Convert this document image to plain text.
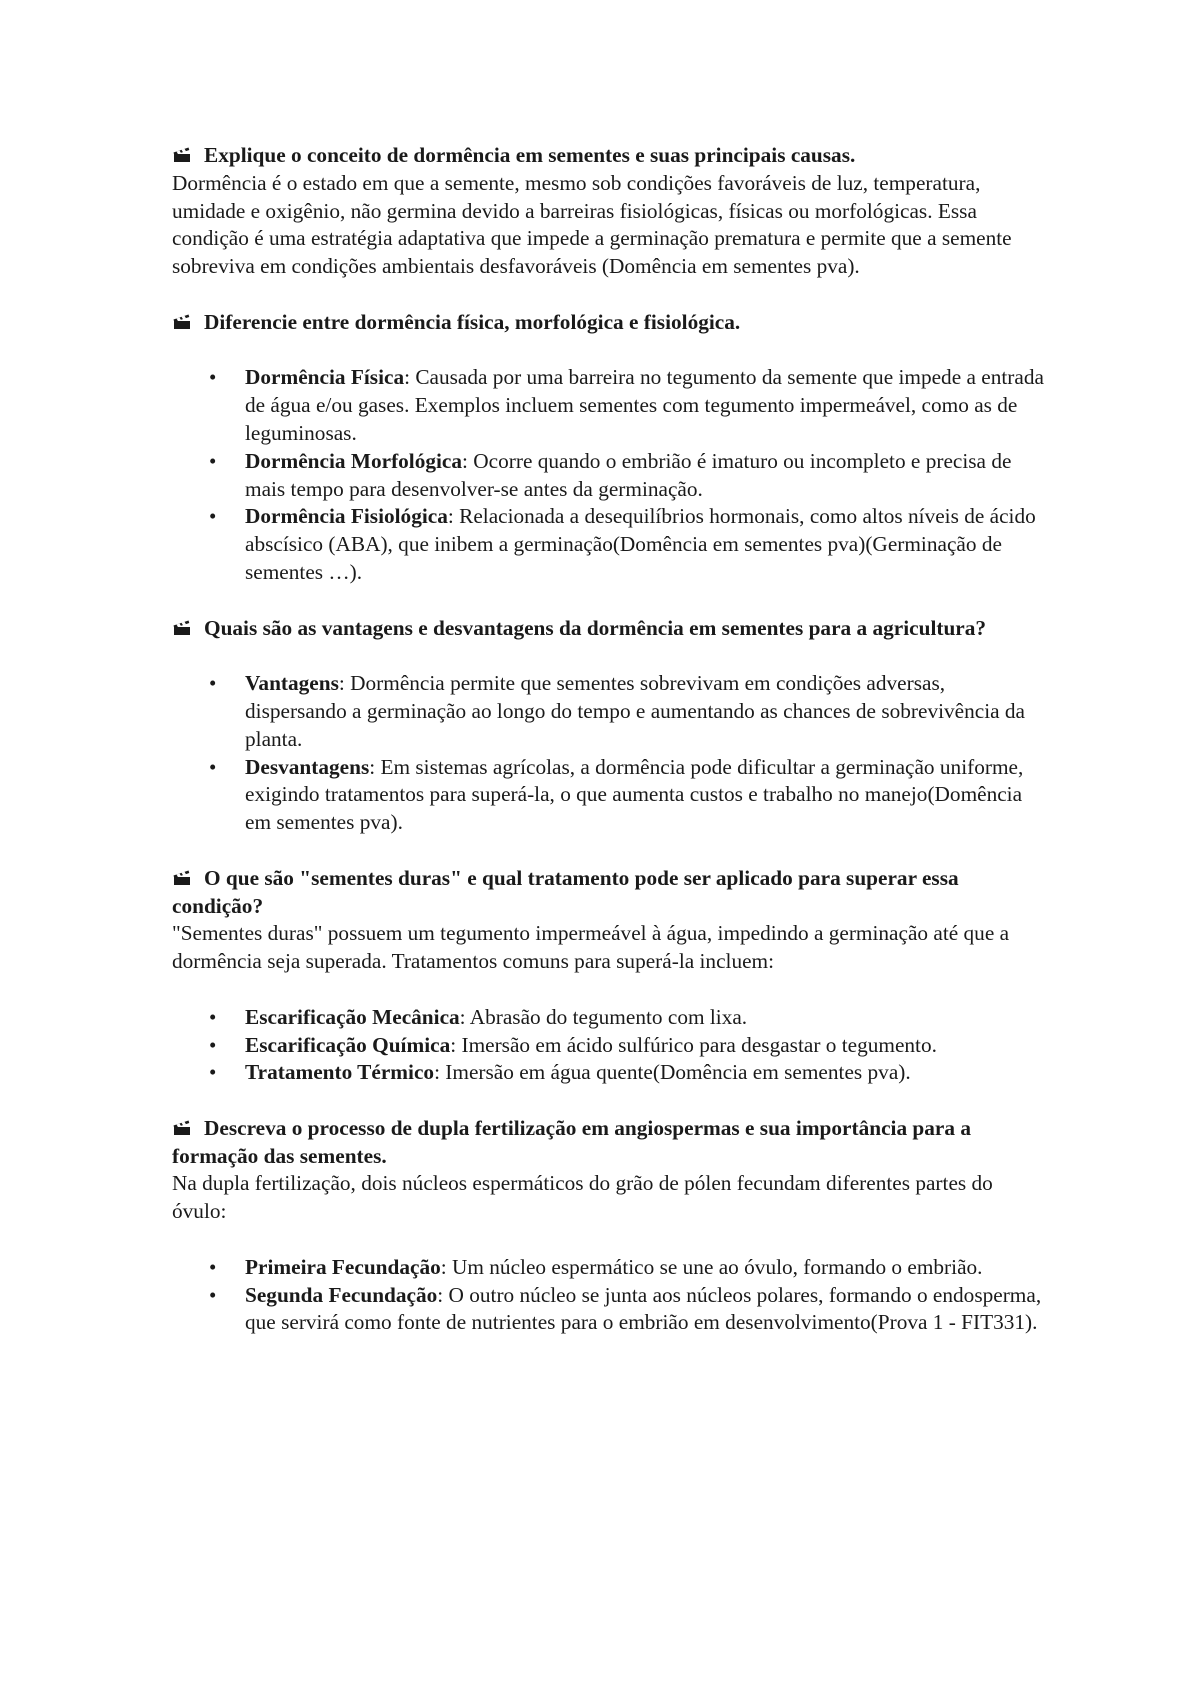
Explique o conceito de dormência em sementes e suas principais causas.

Dormência é o estado em que a semente, mesmo sob condições favoráveis de luz, temperatura, umidade e oxigênio, não germina devido a barreiras fisiológicas, físicas ou morfológicas. Essa condição é uma estratégia adaptativa que impede a germinação prematura e permite que a semente sobreviva em condições ambientais desfavoráveis (Domência em sementes pva).

Diferencie entre dormência física, morfológica e fisiológica.

• Dormência Física: Causada por uma barreira no tegumento da semente que impede a entrada de água e/ou gases. Exemplos incluem sementes com tegumento impermeável, como as de leguminosas.
• Dormência Morfológica: Ocorre quando o embrião é imaturo ou incompleto e precisa de mais tempo para desenvolver-se antes da germinação.
• Dormência Fisiológica: Relacionada a desequilíbrios hormonais, como altos níveis de ácido abscísico (ABA), que inibem a germinação(Domência em sementes pva)(Germinação de sementes …).

Quais são as vantagens e desvantagens da dormência em sementes para a agricultura?

• Vantagens: Dormência permite que sementes sobrevivam em condições adversas, dispersando a germinação ao longo do tempo e aumentando as chances de sobrevivência da planta.
• Desvantagens: Em sistemas agrícolas, a dormência pode dificultar a germinação uniforme, exigindo tratamentos para superá-la, o que aumenta custos e trabalho no manejo(Domência em sementes pva).

O que são "sementes duras" e qual tratamento pode ser aplicado para superar essa condição?

"Sementes duras" possuem um tegumento impermeável à água, impedindo a germinação até que a dormência seja superada. Tratamentos comuns para superá-la incluem:

• Escarificação Mecânica: Abrasão do tegumento com lixa.
• Escarificação Química: Imersão em ácido sulfúrico para desgastar o tegumento.
• Tratamento Térmico: Imersão em água quente(Domência em sementes pva).

Descreva o processo de dupla fertilização em angiospermas e sua importância para a formação das sementes.

Na dupla fertilização, dois núcleos espermáticos do grão de pólen fecundam diferentes partes do óvulo:

• Primeira Fecundação: Um núcleo espermático se une ao óvulo, formando o embrião.
• Segunda Fecundação: O outro núcleo se junta aos núcleos polares, formando o endosperma, que servirá como fonte de nutrientes para o embrião em desenvolvimento(Prova 1 - FIT331).
